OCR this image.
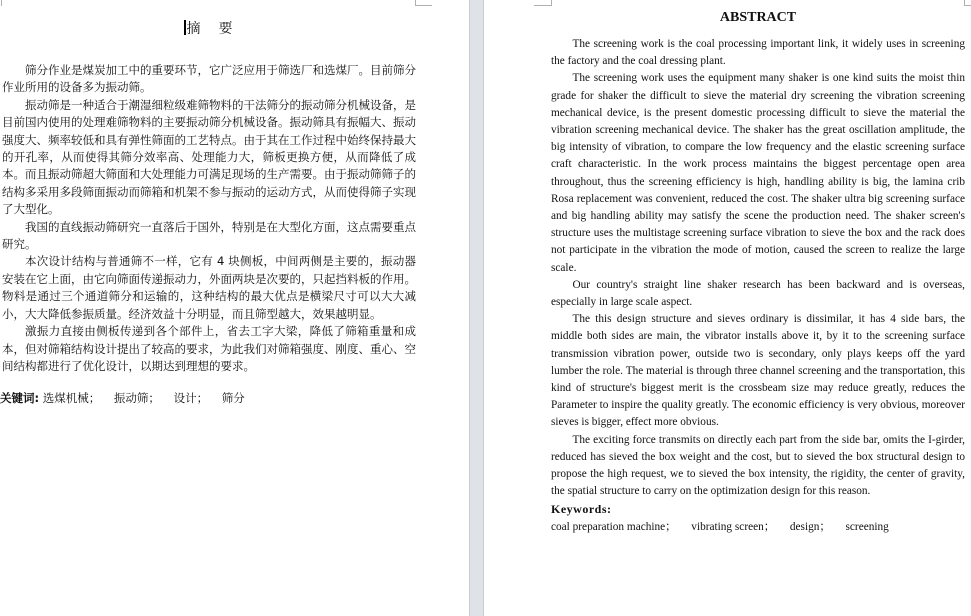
摘 要

筛分作业是煤炭加工中的重要环节，它广泛应用于筛选厂和选煤厂。目前筛分作业所用的设备多为振动筛。

振动筛是一种适合于潮湿细粒级难筛物料的干法筛分的振动筛分机械设备，是目前国内使用的处理难筛物料的主要振动筛分机械设备。振动筛具有振幅大、振动强度大、频率较低和具有弹性筛面的工艺特点。由于其在工作过程中始终保持最大的开孔率，从而使得其筛分效率高、处理能力大，筛板更换方便，从而降低了成本。而且振动筛超大筛面和大处理能力可满足现场的生产需要。由于振动筛筛子的结构多采用多段筛面振动而筛箱和机架不参与振动的运动方式，从而使得筛子实现了大型化。

我国的直线振动筛研究一直落后于国外，特别是在大型化方面，这点需要重点研究。

本次设计结构与普通筛不一样，它有 4 块侧板，中间两侧是主要的，振动器安装在它上面，由它向筛面传递振动力，外面两块是次要的，只起挡料板的作用。物料是通过三个通道筛分和运输的，这种结构的最大优点是横梁尺寸可以大大减小，大大降低参振质量。经济效益十分明显，而且筛型越大，效果越明显。

激振力直接由侧板传递到各个部件上，省去工字大梁，降低了筛箱重量和成本，但对筛箱结构设计提出了较高的要求，为此我们对筛箱强度、刚度、重心、空间结构都进行了优化设计，以期达到理想的要求。

关键词: 选煤机械； 振动筛； 设计； 筛分
ABSTRACT

The screening work is the coal processing important link, it widely uses in screening the factory and the coal dressing plant.

The screening work uses the equipment many shaker is one kind suits the moist thin grade for shaker the difficult to sieve the material dry screening the vibration screening mechanical device, is the present domestic processing difficult to sieve the material the vibration screening mechanical device. The shaker has the great oscillation amplitude, the big intensity of vibration, to compare the low frequency and the elastic screening surface craft characteristic. In the work process maintains the biggest percentage open area throughout, thus the screening efficiency is high, handling ability is big, the lamina crib Rosa replacement was convenient, reduced the cost. The shaker ultra big screening surface and big handling ability may satisfy the scene the production need. The shaker screen's structure uses the multistage screening surface vibration to sieve the box and the rack does not participate in the vibration the mode of motion, caused the screen to realize the large scale.

Our country's straight line shaker research has been backward and is overseas, especially in large scale aspect.

The this design structure and sieves ordinary is dissimilar, it has 4 side bars, the middle both sides are main, the vibrator installs above it, by it to the screening surface transmission vibration power, outside two is secondary, only plays keeps off the yard lumber the role. The material is through three channel screening and the transportation, this kind of structure's biggest merit is the crossbeam size may reduce greatly, reduces the Parameter to inspire the quality greatly. The economic efficiency is very obvious, moreover sieves is bigger, effect more obvious.

The exciting force transmits on directly each part from the side bar, omits the I-girder, reduced has sieved the box weight and the cost, but to sieved the box structural design to propose the high request, we to sieved the box intensity, the rigidity, the center of gravity, the spatial structure to carry on the optimization design for this reason.

Keywords:
coal preparation machine； vibrating screen； design； screening
